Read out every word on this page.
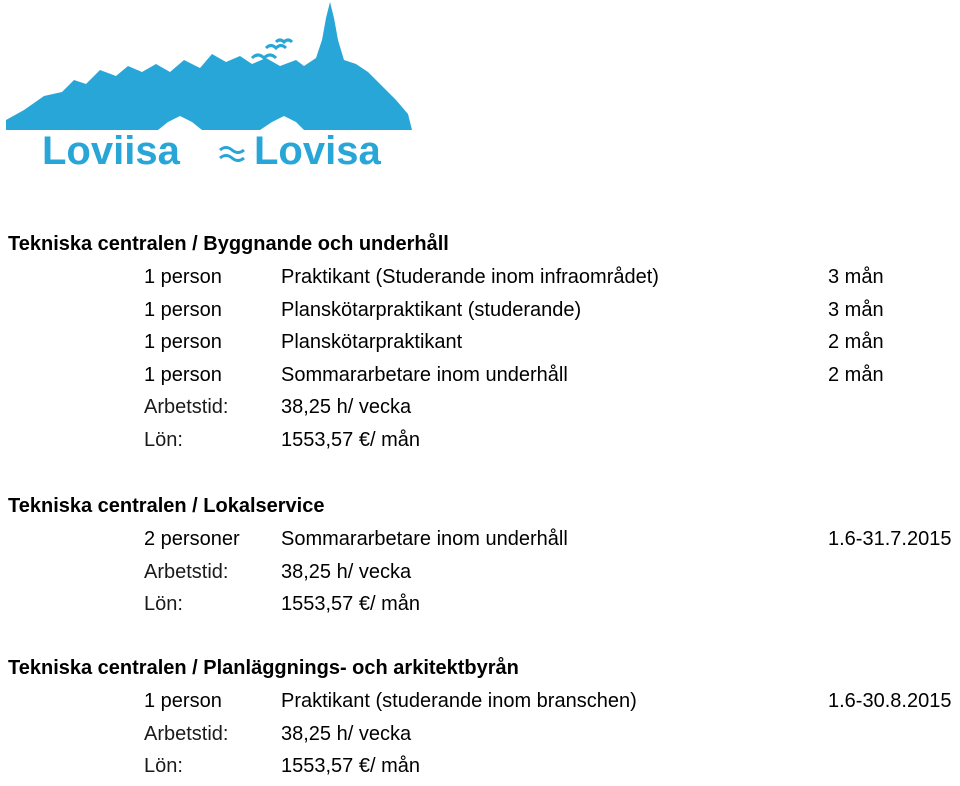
Loviisa Lovisa
Tekniska centralen / Byggnande och underhåll
1 person	Praktikant (Studerande inom infraområdet)	3 mån
1 person	Planskötarpraktikant (studerande)	3 mån
1 person	Planskötarpraktikant	2 mån
1 person	Sommararbetare inom underhåll	2 mån
Arbetstid:	38,25 h/ vecka
Lön:	1553,57 €/ mån
Tekniska centralen / Lokalservice
2 personer Sommararbetare inom underhåll	1.6-31.7.2015
Arbetstid:	38,25 h/ vecka
Lön:	1553,57 €/ mån
Tekniska centralen / Planläggnings- och arkitektbyrån
1 person	Praktikant (studerande inom branschen)	1.6-30.8.2015
Arbetstid:	38,25 h/ vecka
Lön:	1553,57 €/ mån
